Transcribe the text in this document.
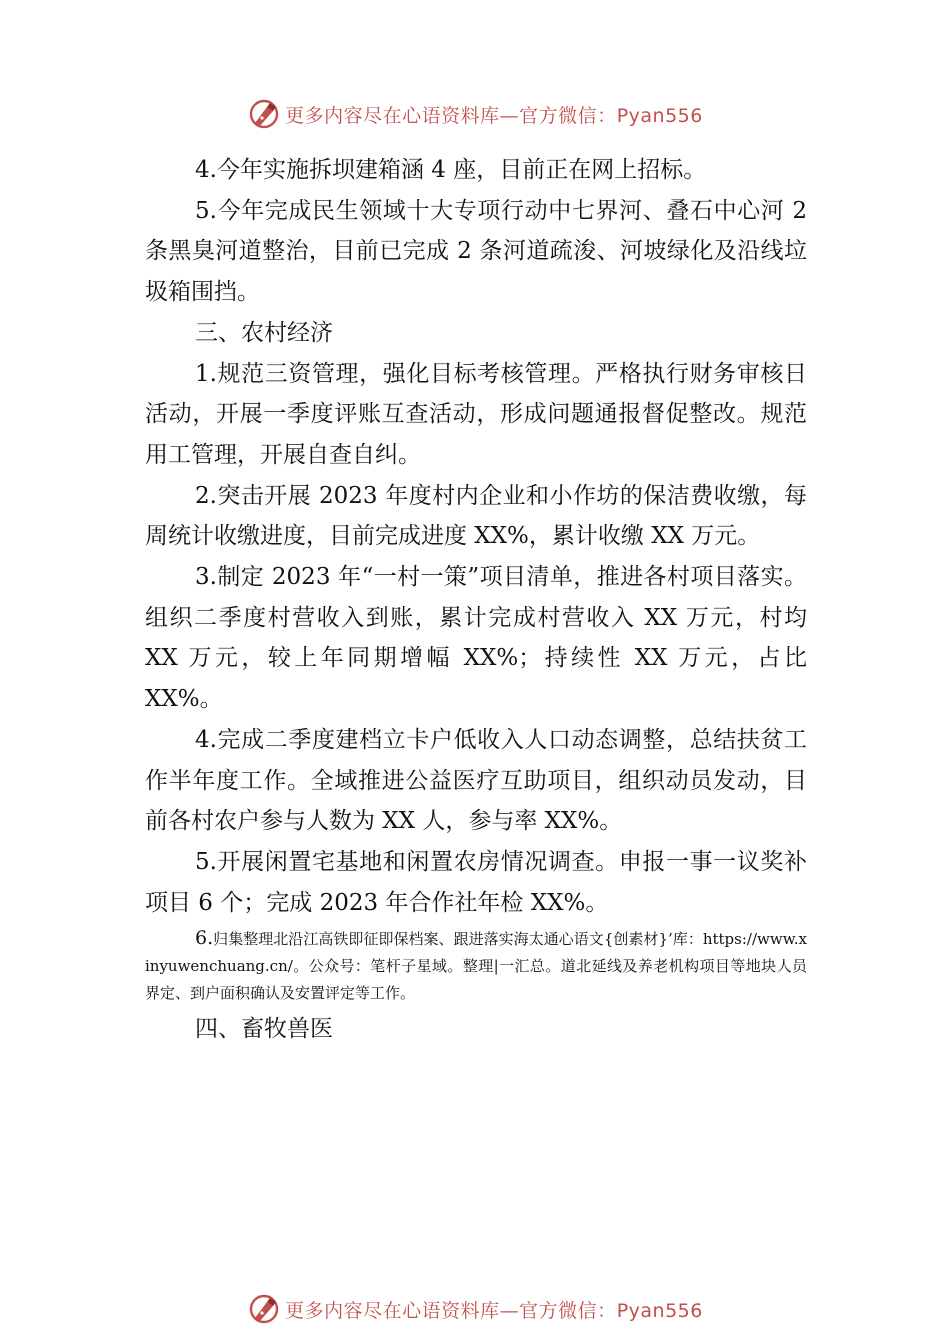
更多内容尽在心语资料库—官方微信：Pyan556

4.今年实施拆坝建箱涵 4 座，目前正在网上招标。

5.今年完成民生领域十大专项行动中七界河、叠石中心河 2 条黑臭河道整治，目前已完成 2 条河道疏浚、河坡绿化及沿线垃圾箱围挡。

三、农村经济

1.规范三资管理，强化目标考核管理。严格执行财务审核日活动，开展一季度评账互查活动，形成问题通报督促整改。规范用工管理，开展自查自纠。

2.突击开展 2023 年度村内企业和小作坊的保洁费收缴，每周统计收缴进度，目前完成进度 XX%，累计收缴 XX 万元。

3.制定 2023 年“一村一策”项目清单，推进各村项目落实。组织二季度村营收入到账，累计完成村营收入 XX 万元，村均 XX 万元，较上年同期增幅 XX%；持续性 XX 万元，占比 XX%。

4.完成二季度建档立卡户低收入人口动态调整，总结扶贫工作半年度工作。全域推进公益医疗互助项目，组织动员发动，目前各村农户参与人数为 XX 人，参与率 XX%。

5.开展闲置宅基地和闲置农房情况调查。申报一事一议奖补项目 6 个；完成 2023 年合作社年检 XX%。

6.归集整理北沿江高铁即征即保档案、跟进落实海太通心语文{创素材}’库：https://www.xinyuwenchuang.cn/。公众号：笔杆子星域。整理|一汇总。道北延线及养老机构项目等地块人员界定、到户面积确认及安置评定等工作。

四、畜牧兽医

更多内容尽在心语资料库—官方微信：Pyan556
